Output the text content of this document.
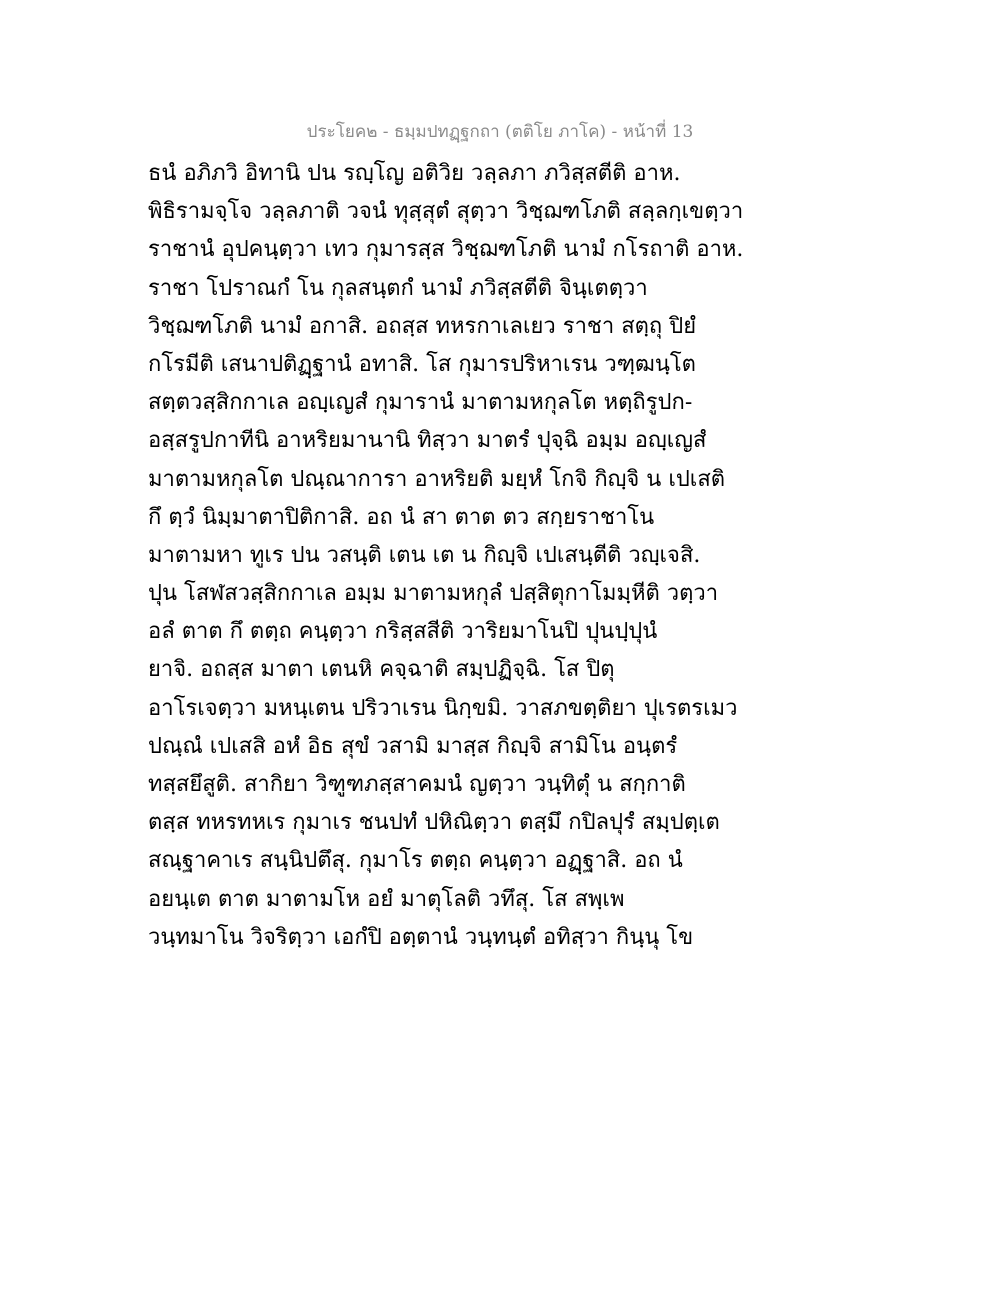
ประโยค๒ - ธมฺมปทฏฺฐกถา (ตติโย ภาโค) - หน้าที่ 13
ธนํ อภิภวิ อิทานิ ปน รญฺโญ อติวิย วลฺลภา ภวิสฺสตีติ อาห.
พิธิรามจฺโจ วลฺลภาติ วจนํ ทุสฺสุตํ สุตฺวา วิชฺฌฑโภติ สลฺลกฺเขตฺวา
ราชานํ อุปคนฺตฺวา เทว กุมารสฺส วิชฺฌฑโภติ นามํ กโรถาติ อาห.
ราชา โปราณกํ โน กุลสนฺตกํ นามํ ภวิสฺสตีติ จินฺเตตฺวา
วิชฺฌฑโภติ นามํ อกาสิ. อถสฺส ทหรกาเลเยว ราชา สตฺถุ ปิยํ
กโรมีติ เสนาปติฏฺฐานํ อทาสิ. โส กุมารปริหาเรน วฑฺฒนฺโต
สตฺตวสฺสิกกาเล อญฺเญสํ กุมารานํ มาตามหกุลโต หตฺถิรูปก-
อสฺสรูปกาทีนิ อาหริยมานานิ ทิสฺวา มาตรํ ปุจฺฉิ อมฺม อญฺเญสํ
มาตามหกุลโต ปณฺณาการา อาหริยติ มยฺหํ โกจิ กิญฺจิ น เปเสติ
กึ ตฺวํ นิมฺมาตาปิติกาสิ. อถ นํ สา ตาต ตว สกฺยราชาโน
มาตามหา ทูเร ปน วสนฺติ เตน เต น กิญฺจิ เปเสนฺตีติ วญฺเจสิ.
ปุน โสฬสวสฺสิกกาเล อมฺม มาตามหกุลํ ปสฺสิตุกาโมมฺหีติ วตฺวา
อลํ ตาต กึ ตตฺถ คนฺตฺวา กริสฺสสีติ วาริยมาโนปิ ปุนปฺปุนํ
ยาจิ. อถสฺส มาตา เตนหิ คจฺฉาติ สมฺปฏิจฺฉิ. โส ปิตุ
อาโรเจตฺวา มหนฺเตน ปริวาเรน นิกฺขมิ. วาสภขตฺติยา ปุเรตรเมว
ปณฺณํ เปเสสิ อหํ อิธ สุขํ วสามิ มาสฺส กิญฺจิ สามิโน อนฺตรํ
ทสฺสยึสูติ. สากิยา วิฑูฑภสฺสาคมนํ ญตฺวา วนฺทิตุํ น สกฺกาติ
ตสฺส ทหรทหเร กุมาเร ชนปทํ ปหิณิตฺวา ตสฺมึ กปิลปุรํ สมฺปตฺเต
สณฺฐาคาเร สนฺนิปตึสุ. กุมาโร ตตฺถ คนฺตฺวา อฏฺฐาสิ. อถ นํ
อยนฺเต ตาต มาตามโห อยํ มาตุโลติ วทึสุ. โส สพฺเพ
วนฺทมาโน วิจริตฺวา เอกํปิ อตฺตานํ วนฺทนฺตํ อทิสฺวา กินฺนุ โข
